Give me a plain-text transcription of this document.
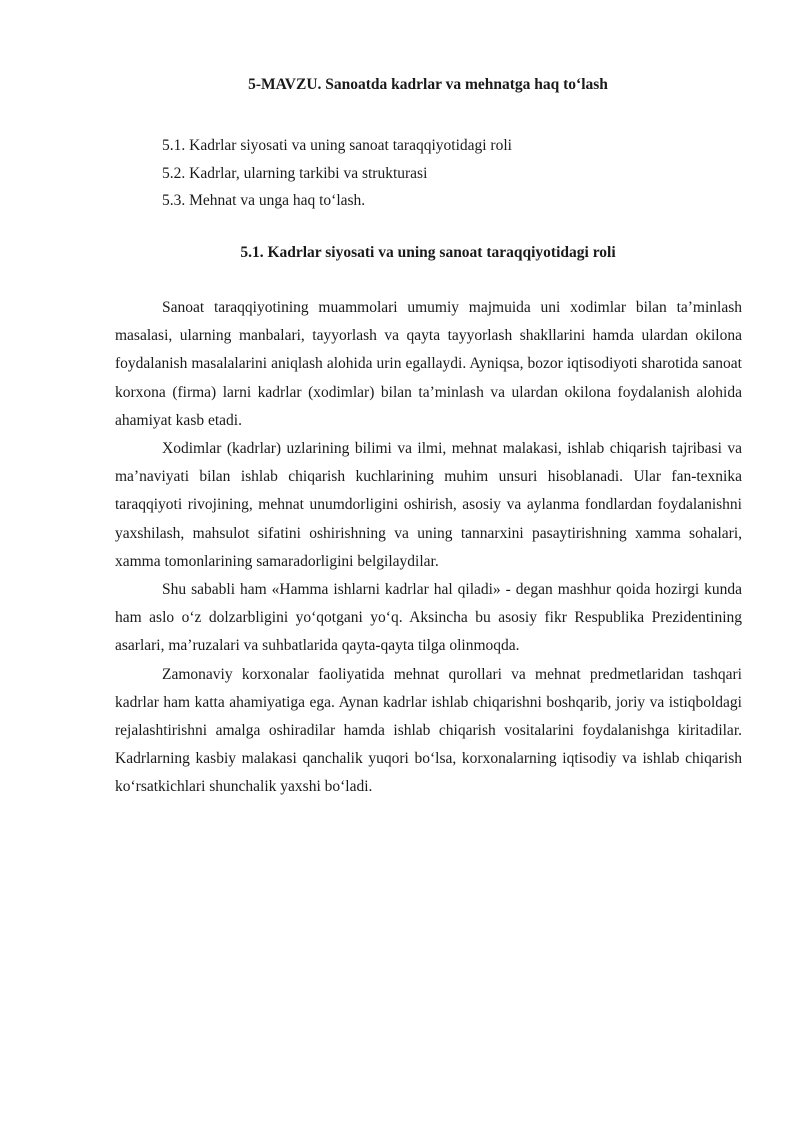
5-MAVZU. Sanoatda kadrlar va mehnatga haq toʻlash
5.1. Kadrlar siyosati va uning sanoat taraqqiyotidagi roli
5.2. Kadrlar, ularning tarkibi va strukturasi
5.3. Mehnat va unga haq toʻlash.
5.1. Kadrlar siyosati va uning sanoat taraqqiyotidagi roli

Sanoat taraqqiyotining muammolari umumiy majmuida uni xodimlar bilan ta’minlash masalasi, ularning manbalari, tayyorlash va qayta tayyorlash shakllarini hamda ulardan okilona foydalanish masalalarini aniqlash alohida urin egallaydi. Ayniqsa, bozor iqtisodiyoti sharotida sanoat korxona (firma) larni kadrlar (xodimlar) bilan ta’minlash va ulardan okilona foydalanish alohida ahamiyat kasb etadi.

Xodimlar (kadrlar) uzlarining bilimi va ilmi, mehnat malakasi, ishlab chiqarish tajribasi va ma’naviyati bilan ishlab chiqarish kuchlarining muhim unsuri hisoblanadi. Ular fan-texnika taraqqiyoti rivojining, mehnat unumdorligini oshirish, asosiy va aylanma fondlardan foydalanishni yaxshilash, mahsulot sifatini oshirishning va uning tannarxini pasaytirishning xamma sohalari, xamma tomonlarining samaradorligini belgilaydilar.

Shu sababli ham «Hamma ishlarni kadrlar hal qiladi» - degan mashhur qoida hozirgi kunda ham aslo oʻz dolzarbligini yoʻqotgani yoʻq. Aksincha bu asosiy fikr Respublika Prezidentining asarlari, ma’ruzalari va suhbatlarida qayta-qayta tilga olinmoqda.

Zamonaviy korxonalar faoliyatida mehnat qurollari va mehnat predmetlaridan tashqari kadrlar ham katta ahamiyatiga ega. Aynan kadrlar ishlab chiqarishni boshqarib, joriy va istiqboldagi rejalashtirishni amalga oshiradilar hamda ishlab chiqarish vositalarini foydalanishga kiritadilar. Kadrlarning kasbiy malakasi qanchalik yuqori boʻlsa, korxonalarning iqtisodiy va ishlab chiqarish koʻrsatkichlari shunchalik yaxshi boʻladi.
